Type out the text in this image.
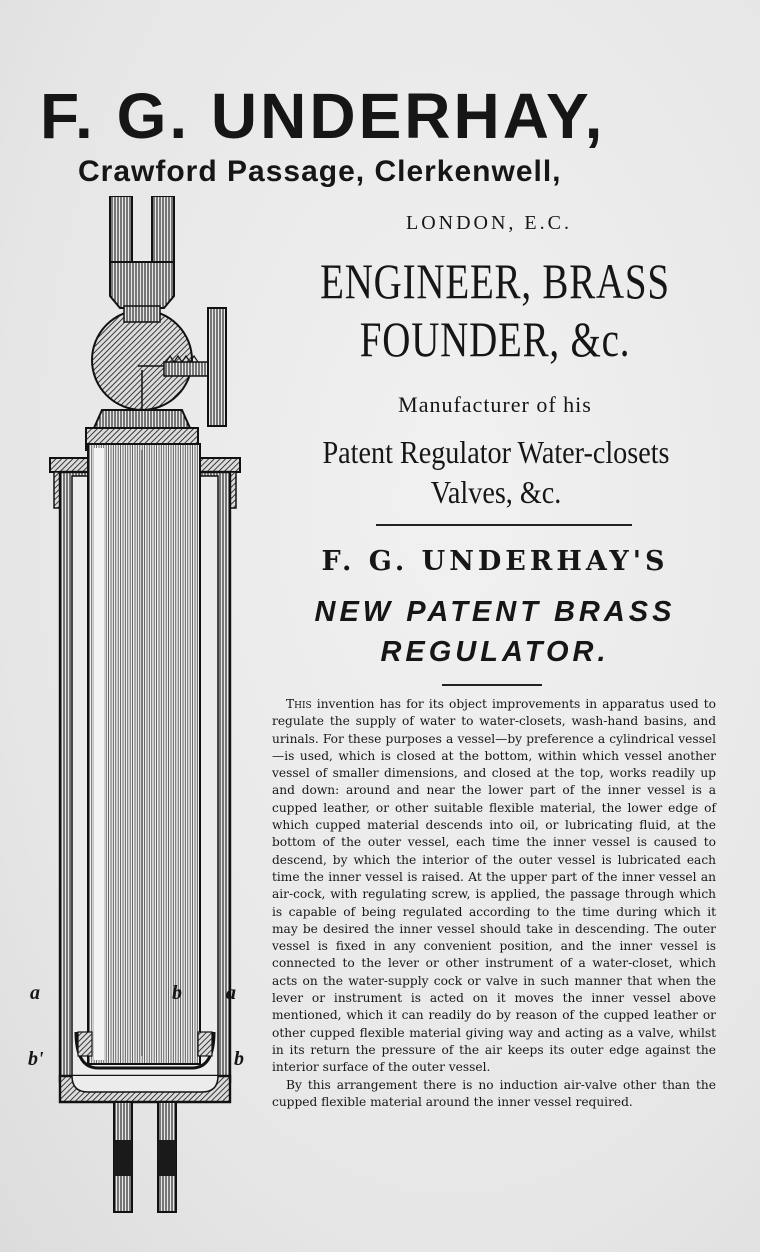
F. G. UNDERHAY,
Crawford Passage, Clerkenwell,
LONDON, E.C.
ENGINEER, BRASS
FOUNDER, &c.
Manufacturer of his
Patent Regulator Water-closets
Valves, &c.
F. G. UNDERHAY'S
NEW PATENT BRASS
REGULATOR.

This invention has for its object improvements in apparatus used to regulate the supply of water to water-closets, wash-hand basins, and urinals. For these purposes a vessel—by preference a cylindrical vessel—is used, which is closed at the bottom, within which vessel another vessel of smaller dimensions, and closed at the top, works readily up and down: around and near the lower part of the inner vessel is a cupped leather, or other suitable flexible material, the lower edge of which cupped material descends into oil, or lubricating fluid, at the bottom of the outer vessel, each time the inner vessel is caused to descend, by which the interior of the outer vessel is lubricated each time the inner vessel is raised. At the upper part of the inner vessel an air-cock, with regulating screw, is applied, the passage through which is capable of being regulated according to the time during which it may be desired the inner vessel should take in descending. The outer vessel is fixed in any convenient position, and the inner vessel is connected to the lever or other instrument of a water-closet, which acts on the water-supply cock or valve in such manner that when the lever or instrument is acted on it moves the inner vessel above mentioned, which it can readily do by reason of the cupped leather or other cupped flexible material giving way and acting as a valve, whilst in its return the pressure of the air keeps its outer edge against the interior surface of the outer vessel.

By this arrangement there is no induction air-valve other than the cupped flexible material around the inner vessel required.

a	b a
b'	b
